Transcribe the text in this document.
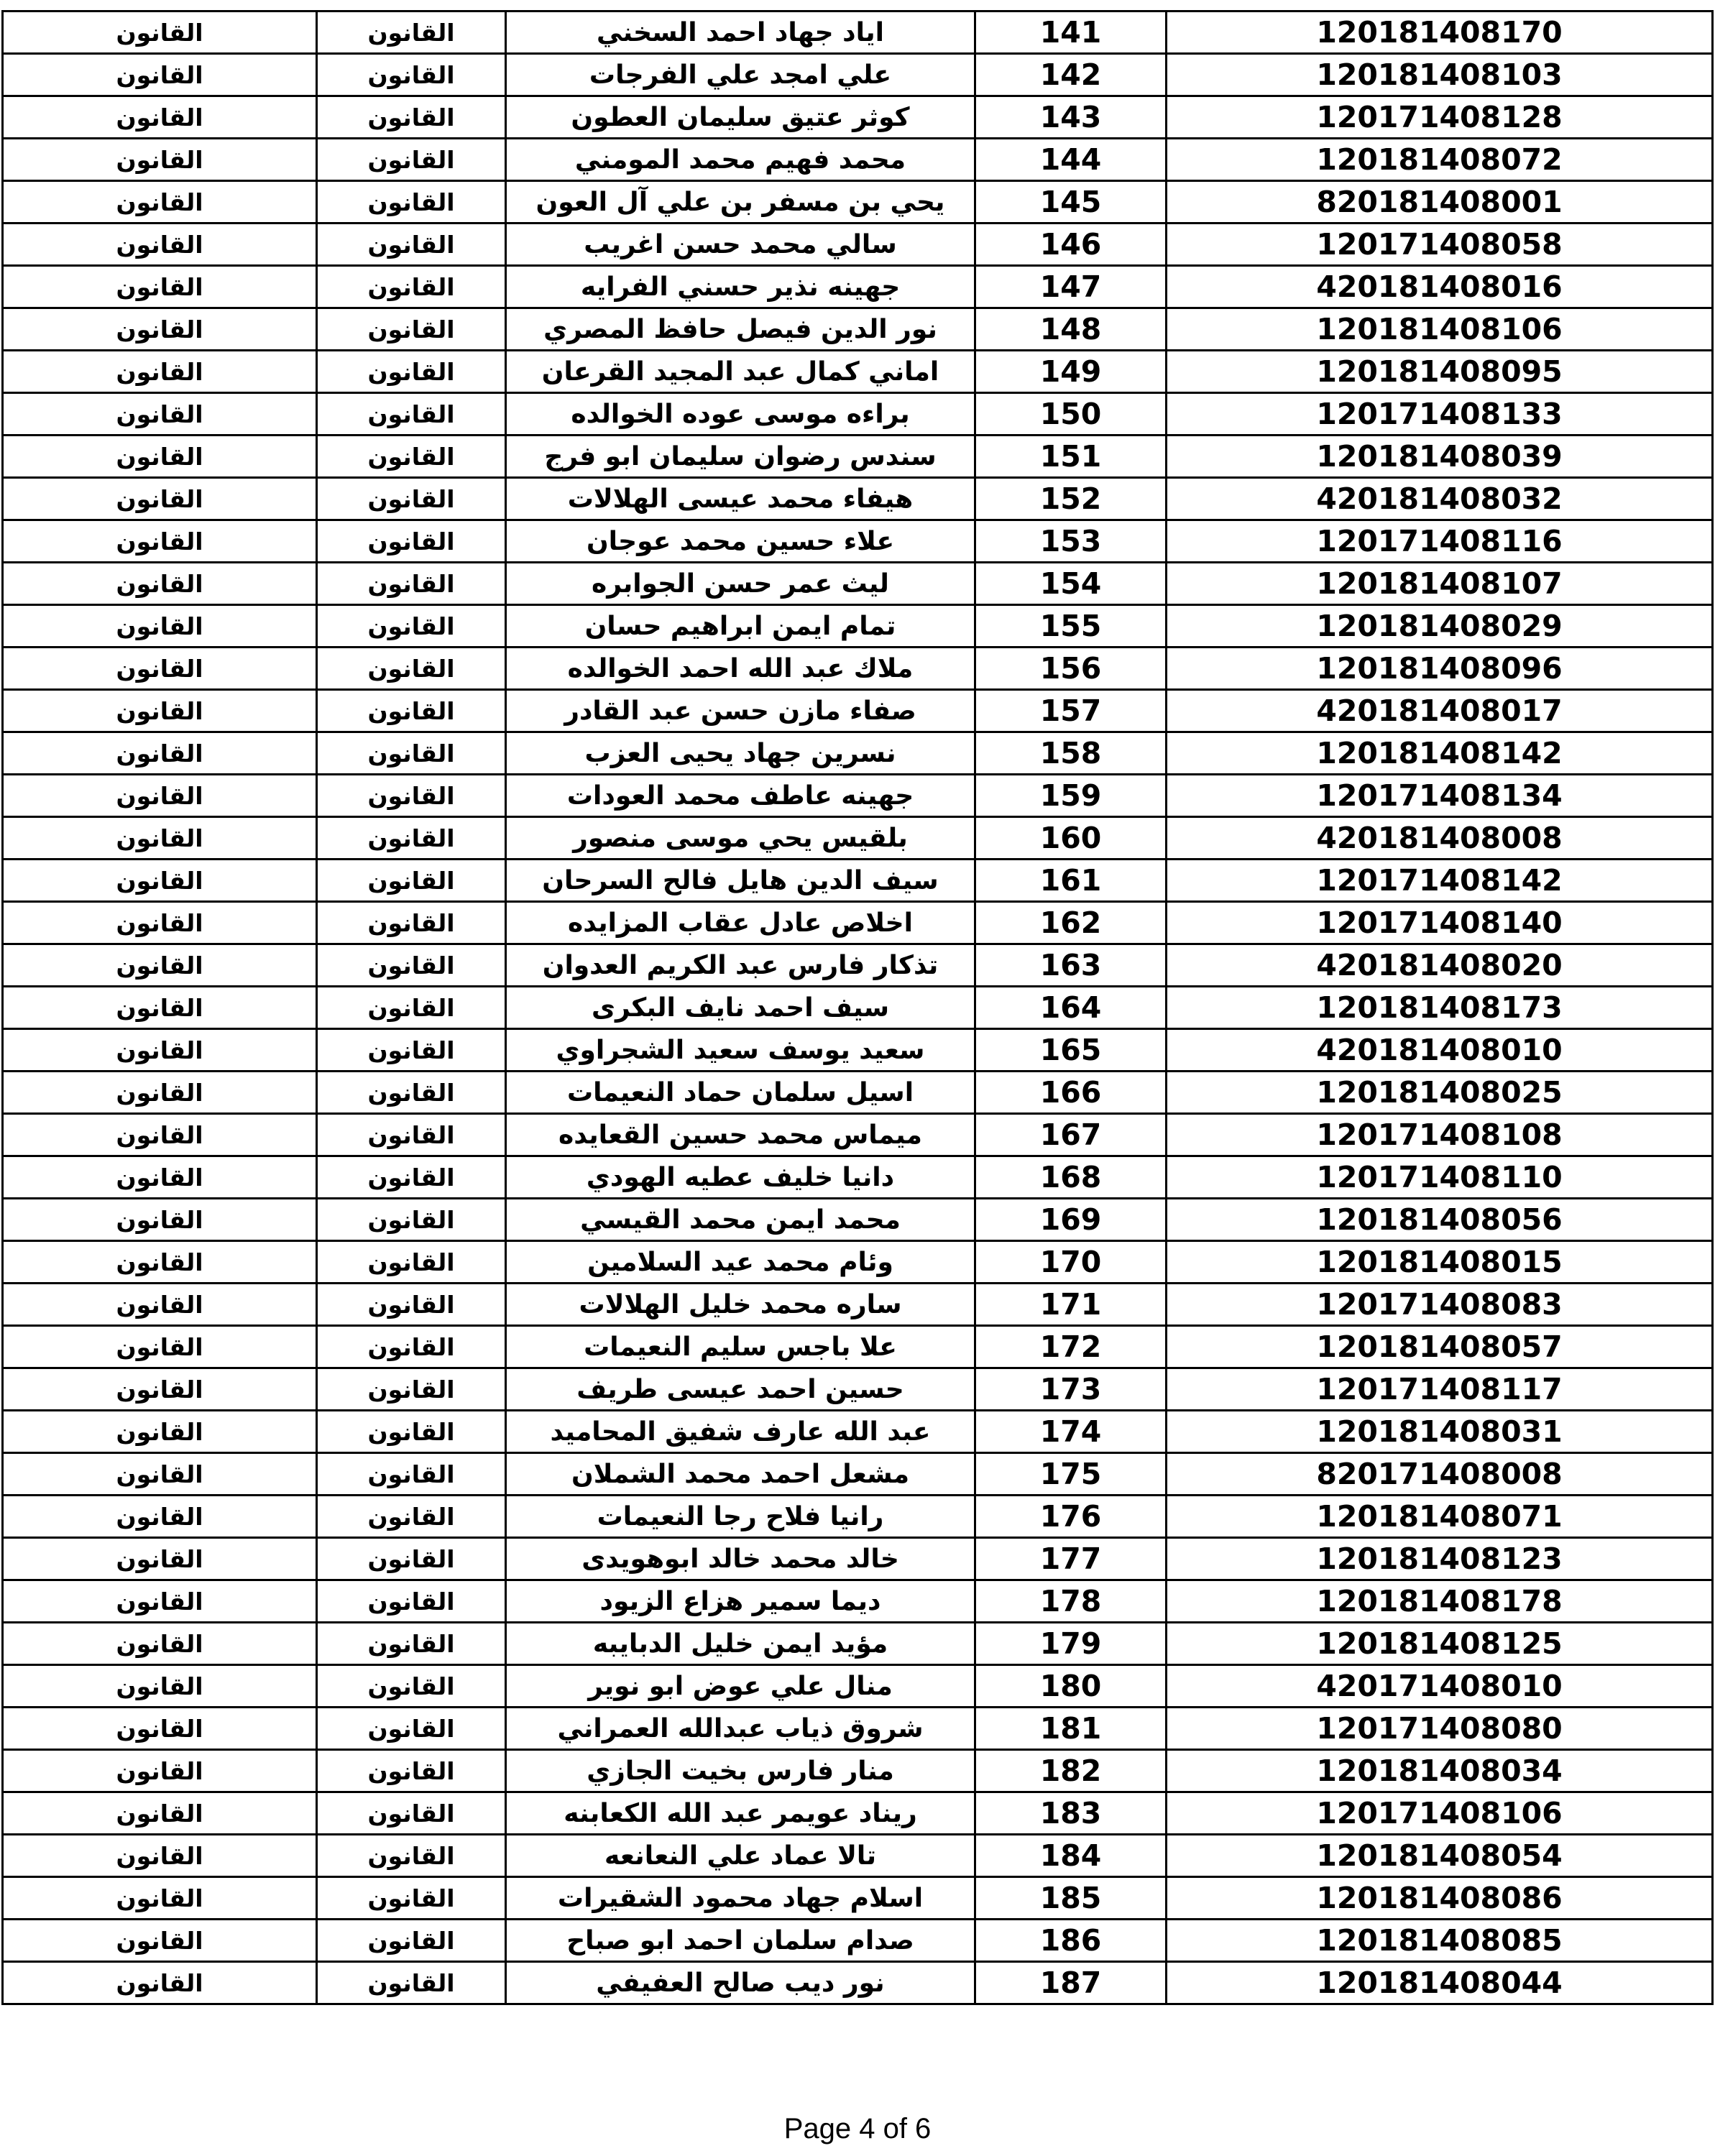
القانون	القانون	اياد جهاد احمد السخني	141	120181408170
القانون	القانون	علي امجد علي الفرجات	142	120181408103
القانون	القانون	كوثر عتيق سليمان العطون	143	120171408128
القانون	القانون	محمد فهيم محمد المومني	144	120181408072
القانون	القانون	يحي بن مسفر بن علي آل العون	145	820181408001
القانون	القانون	سالي محمد حسن اغريب	146	120171408058
القانون	القانون	جهينه نذير حسني الفرايه	147	420181408016
القانون	القانون	نور الدين فيصل حافظ المصري	148	120181408106
القانون	القانون	اماني كمال عبد المجيد القرعان	149	120181408095
القانون	القانون	براءه موسى عوده الخوالده	150	120171408133
القانون	القانون	سندس رضوان سليمان ابو فرج	151	120181408039
القانون	القانون	هيفاء محمد عيسى الهلالات	152	420181408032
القانون	القانون	علاء حسين محمد عوجان	153	120171408116
القانون	القانون	ليث عمر حسن الجوابره	154	120181408107
القانون	القانون	تمام ايمن ابراهيم حسان	155	120181408029
القانون	القانون	ملاك عبد الله احمد الخوالده	156	120181408096
القانون	القانون	صفاء مازن حسن عبد القادر	157	420181408017
القانون	القانون	نسرين جهاد يحيى العزب	158	120181408142
القانون	القانون	جهينه عاطف محمد العودات	159	120171408134
القانون	القانون	بلقيس يحي موسى منصور	160	420181408008
القانون	القانون	سيف الدين هايل فالح السرحان	161	120171408142
القانون	القانون	اخلاص عادل عقاب المزايده	162	120171408140
القانون	القانون	تذكار فارس عبد الكريم العدوان	163	420181408020
القانون	القانون	سيف احمد نايف البكرى	164	120181408173
القانون	القانون	سعيد يوسف سعيد الشجراوي	165	420181408010
القانون	القانون	اسيل سلمان حماد النعيمات	166	120181408025
القانون	القانون	ميماس محمد حسين القعايده	167	120171408108
القانون	القانون	دانيا خليف عطيه الهودي	168	120171408110
القانون	القانون	محمد ايمن محمد القيسي	169	120181408056
القانون	القانون	وئام محمد عيد السلامين	170	120181408015
القانون	القانون	ساره محمد خليل الهلالات	171	120171408083
القانون	القانون	علا باجس سليم النعيمات	172	120181408057
القانون	القانون	حسين احمد عيسى طريف	173	120171408117
القانون	القانون	عبد الله عارف شفيق المحاميد	174	120181408031
القانون	القانون	مشعل احمد محمد الشملان	175	820171408008
القانون	القانون	رانيا فلاح رجا النعيمات	176	120181408071
القانون	القانون	خالد محمد خالد ابوهويدى	177	120181408123
القانون	القانون	ديما سمير هزاع الزيود	178	120181408178
القانون	القانون	مؤيد ايمن خليل الدبايبه	179	120181408125
القانون	القانون	منال علي عوض ابو نوير	180	420171408010
القانون	القانون	شروق ذياب عبدالله العمراني	181	120171408080
القانون	القانون	منار فارس بخيت الجازي	182	120181408034
القانون	القانون	ريناد عويمر عبد الله الكعابنه	183	120171408106
القانون	القانون	تالا عماد علي النعانعه	184	120181408054
القانون	القانون	اسلام جهاد محمود الشقيرات	185	120181408086
القانون	القانون	صدام سلمان احمد ابو صباح	186	120181408085
القانون	القانون	نور ديب صالح العفيفي	187	120181408044
Page 4 of 6
